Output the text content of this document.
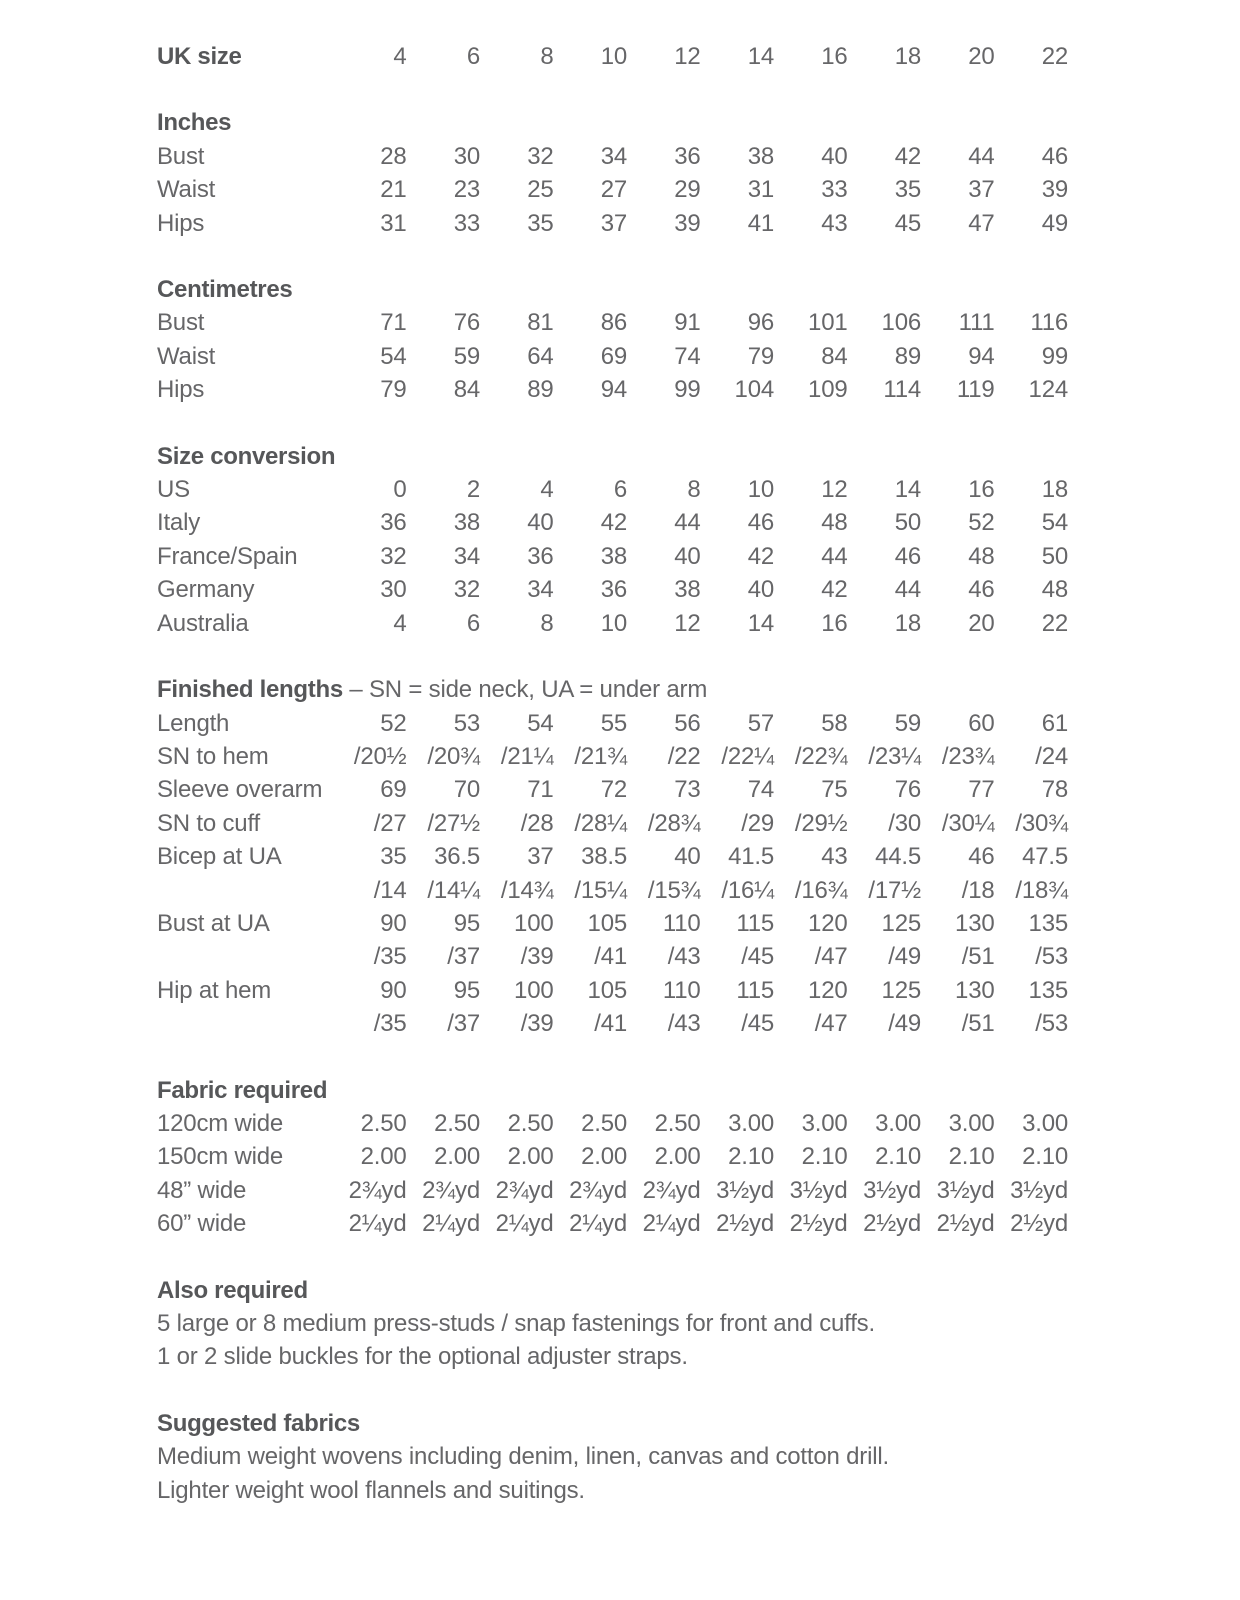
UK size	4	6	8	10	12	14	16	18	20	22
Inches
Bust	28	30	32	34	36	38	40	42	44	46
Waist	21	23	25	27	29	31	33	35	37	39
Hips	31	33	35	37	39	41	43	45	47	49
Centimetres
Bust	71	76	81	86	91	96	101	106	111	116
Waist	54	59	64	69	74	79	84	89	94	99
Hips	79	84	89	94	99	104	109	114	119	124
Size conversion
US	0	2	4	6	8	10	12	14	16	18
Italy	36	38	40	42	44	46	48	50	52	54
France/Spain	32	34	36	38	40	42	44	46	48	50
Germany	30	32	34	36	38	40	42	44	46	48
Australia	4	6	8	10	12	14	16	18	20	22
Finished lengths – SN = side neck, UA = under arm
Length	52	53	54	55	56	57	58	59	60	61
SN to hem	/20½ /20¾ /21¼ /21¾	/22 /22¼ /22¾ /23¼ /23¾	/24
Sleeve overarm	69	70	71	72	73	74	75	76	77	78
SN to cuff	/27 /27½	/28 /28¼ /28¾	/29 /29½	/30 /30¼ /30¾
Bicep at UA	35	36.5	37	38.5	40	41.5	43	44.5	46	47.5
/14 /14¼ /14¾ /15¼ /15¾ /16¼ /16¾ /17½	/18 /18¾
Bust at UA	90	95	100	105	110	115	120	125	130	135
/35	/37	/39	/41	/43	/45	/47	/49	/51	/53
Hip at hem	90	95	100	105	110	115	120	125	130	135
/35	/37	/39	/41	/43	/45	/47	/49	/51	/53
Fabric required
120cm wide	2.50	2.50	2.50	2.50	2.50	3.00	3.00	3.00	3.00	3.00
150cm wide	2.00	2.00	2.00	2.00	2.00	2.10	2.10	2.10	2.10	2.10
48” wide	2¾yd 2¾yd 2¾yd 2¾yd 2¾yd 3½yd 3½yd 3½yd 3½yd 3½yd
60” wide	2¼yd 2¼yd 2¼yd 2¼yd 2¼yd 2½yd 2½yd 2½yd 2½yd 2½yd
Also required
5 large or 8 medium press-studs / snap fastenings for front and cuffs.
1 or 2 slide buckles for the optional adjuster straps.
Suggested fabrics
Medium weight wovens including denim, linen, canvas and cotton drill.
Lighter weight wool flannels and suitings.
